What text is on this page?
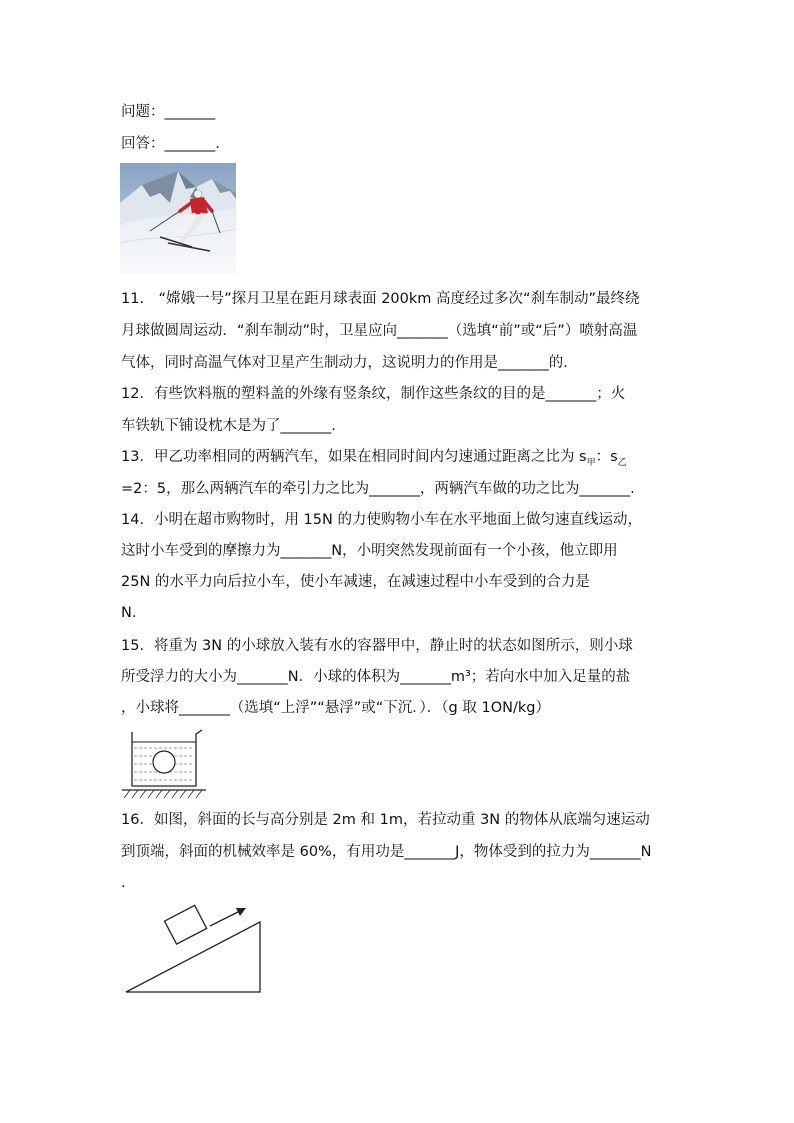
问题：_______
回答：_______.
11.　“嫦娥一号”探月卫星在距月球表面 200km 高度经过多次“刹车制动”最终绕
月球做圆周运动．“刹车制动”时，卫星应向_______（选填“前”或“后”）喷射高温
气体，同时高温气体对卫星产生制动力，这说明力的作用是_______的．
12．有些饮料瓶的塑料盖的外缘有竖条纹，制作这些条纹的目的是_______；火
车铁轨下铺设枕木是为了_______.
13．甲乙功率相同的两辆汽车，如果在相同时间内匀速通过距离之比为 $s_甲$：$s_乙$
=2：5，那么两辆汽车的牵引力之比为_______，两辆汽车做的功之比为_______.
14．小明在超市购物时，用 15N 的力使购物小车在水平地面上做匀速直线运动，
这时小车受到的摩擦力为_______N，小明突然发现前面有一个小孩，他立即用
25N 的水平力向后拉小车，使小车减速，在减速过程中小车受到的合力是
N.
15．将重为 3N 的小球放入装有水的容器甲中，静止时的状态如图所示，则小球
所受浮力的大小为_______N．小球的体积为_______m³；若向水中加入足量的盐
，小球将_______（选填“上浮”“悬浮”或“下沉．）．（g 取 1ON/kg）
16．如图，斜面的长与高分别是 2m 和 1m，若拉动重 3N 的物体从底端匀速运动
到顶端，斜面的机械效率是 60%，有用功是_______J，物体受到的拉力为_______N
.
